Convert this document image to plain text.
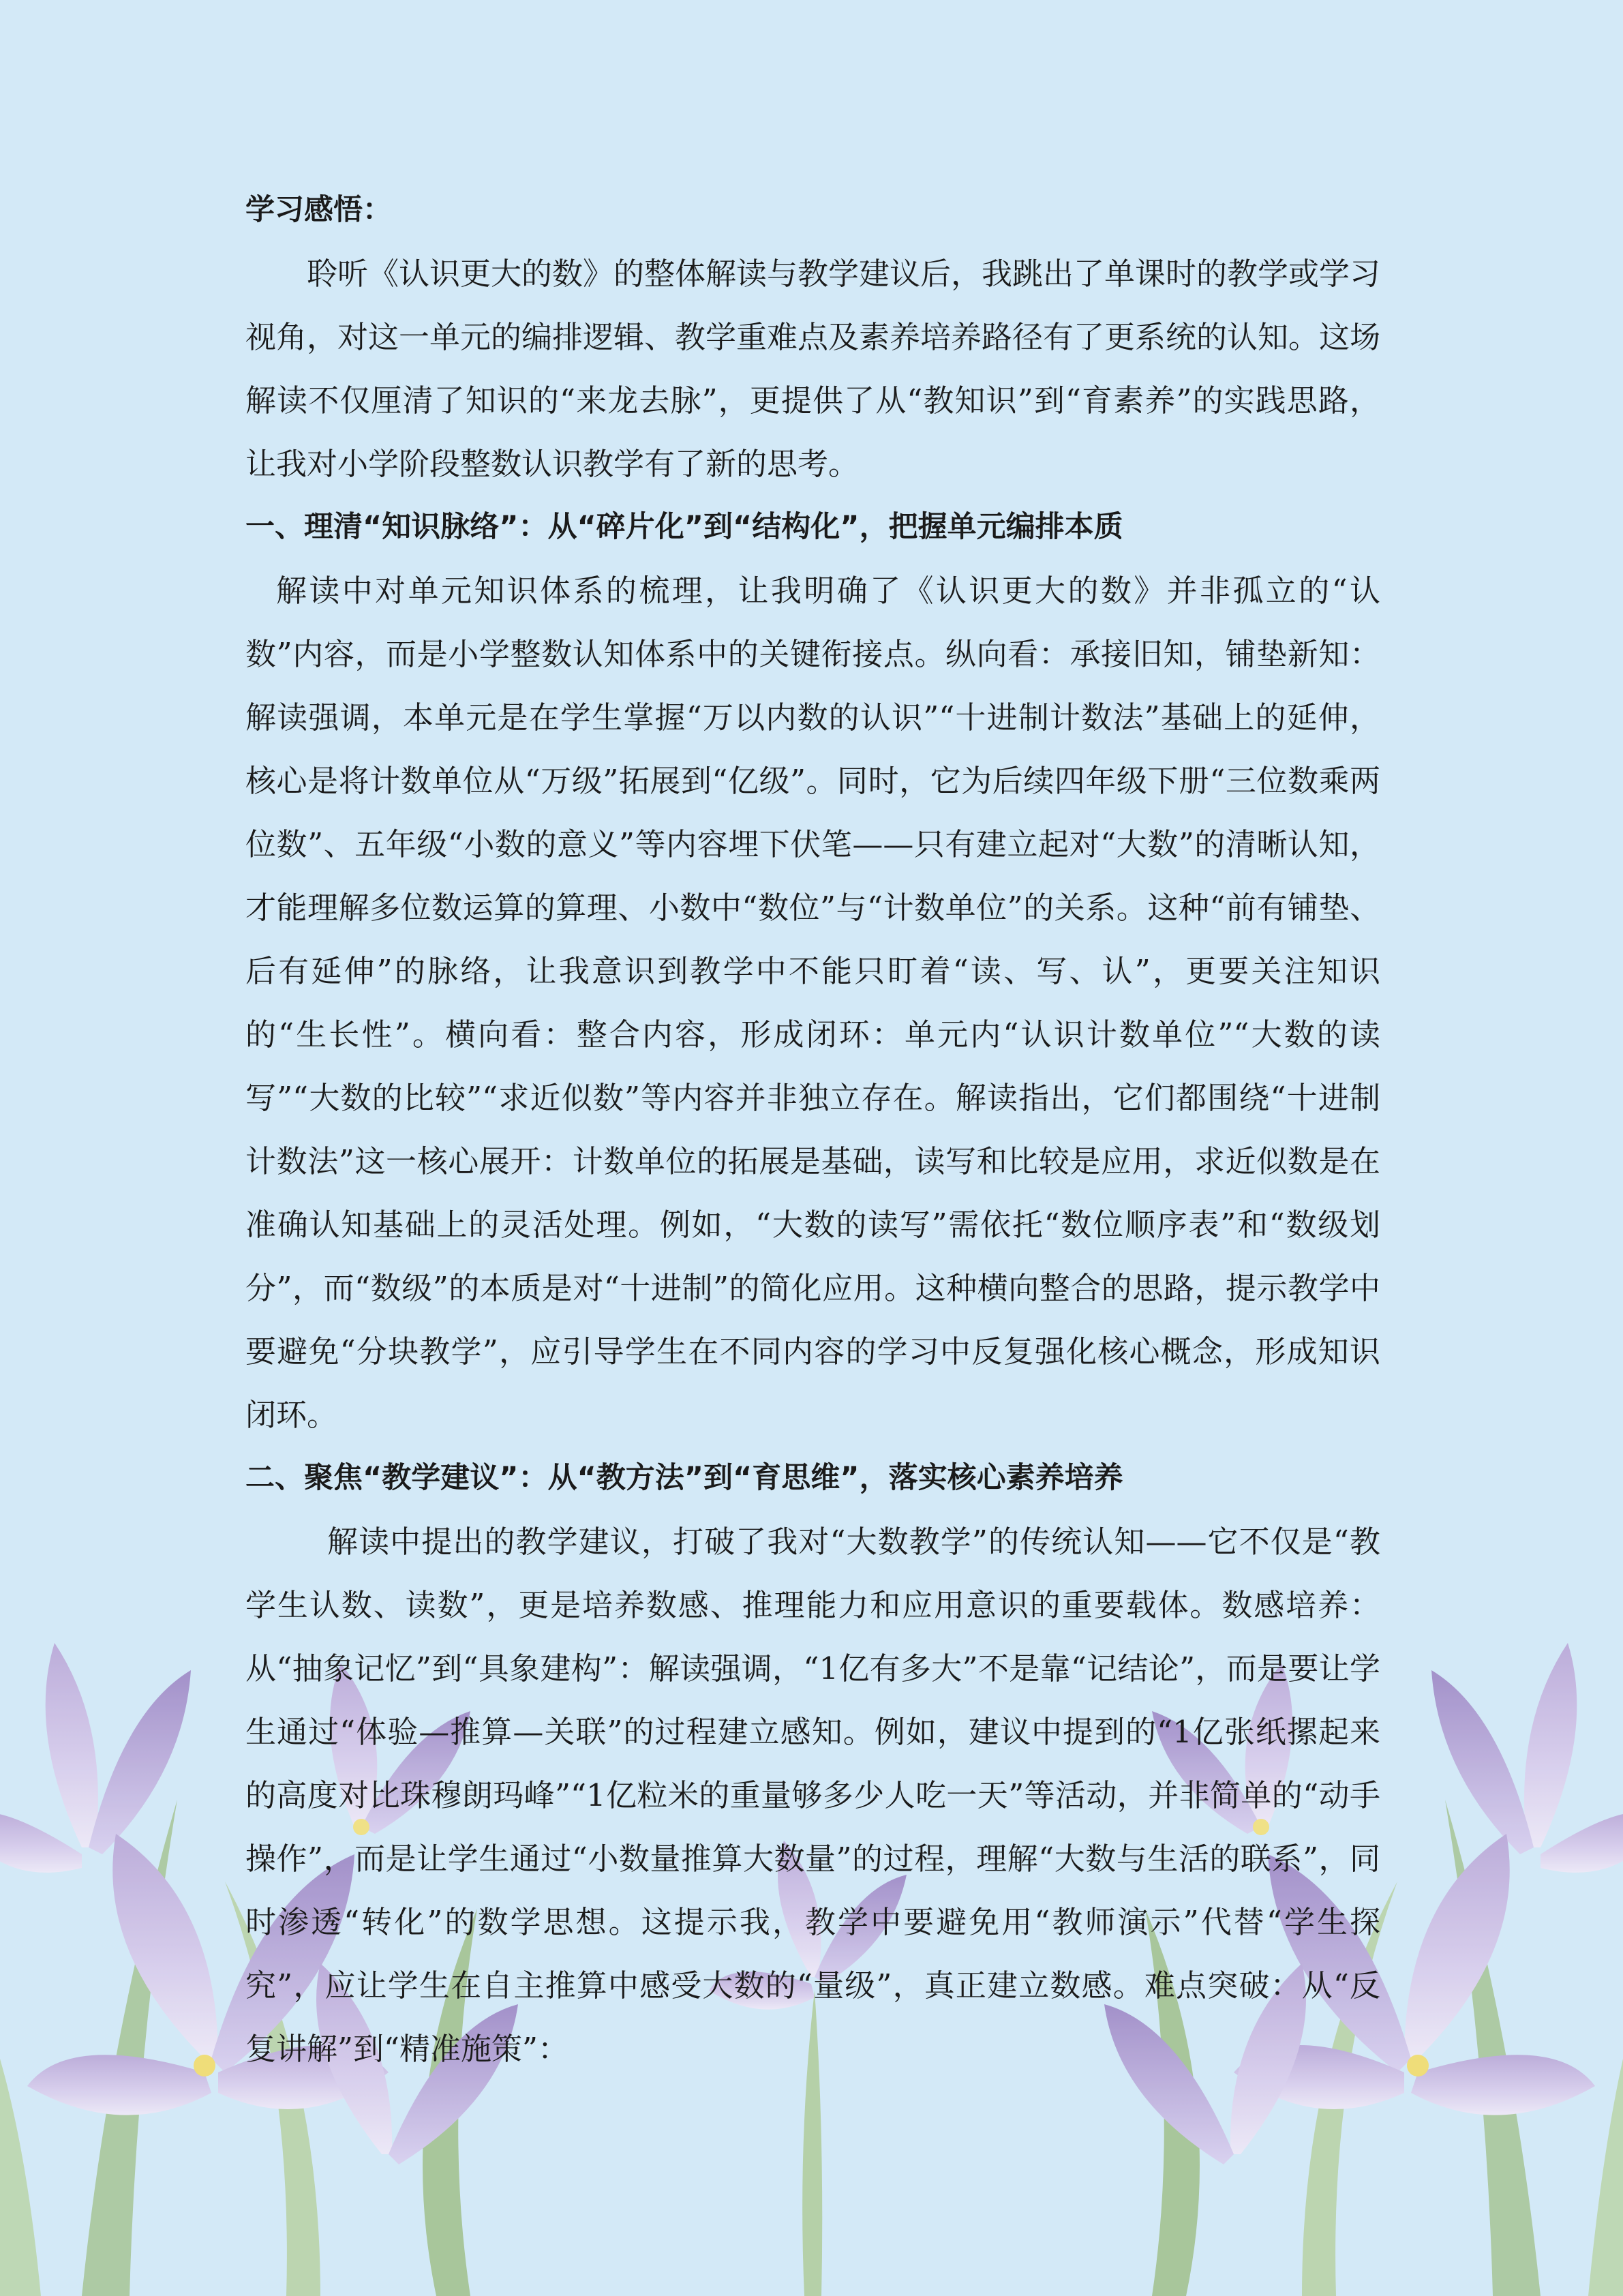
学习感悟：

聆听《认识更大的数》的整体解读与教学建议后，我跳出了单课时的教学或学习视角，对这一单元的编排逻辑、教学重难点及素养培养路径有了更系统的认知。这场解读不仅厘清了知识的“来龙去脉”，更提供了从“教知识”到“育素养”的实践思路，让我对小学阶段整数认识教学有了新的思考。

一、理清“知识脉络”：从“碎片化”到“结构化”，把握单元编排本质

解读中对单元知识体系的梳理，让我明确了《认识更大的数》并非孤立的“认数”内容，而是小学整数认知体系中的关键衔接点。纵向看：承接旧知，铺垫新知：解读强调，本单元是在学生掌握“万以内数的认识”“十进制计数法”基础上的延伸，核心是将计数单位从“万级”拓展到“亿级”。同时，它为后续四年级下册“三位数乘两位数”、五年级“小数的意义”等内容埋下伏笔——只有建立起对“大数”的清晰认知，才能理解多位数运算的算理、小数中“数位”与“计数单位”的关系。这种“前有铺垫、后有延伸”的脉络，让我意识到教学中不能只盯着“读、写、认”，更要关注知识的“生长性”。横向看：整合内容，形成闭环：单元内“认识计数单位”“大数的读写”“大数的比较”“求近似数”等内容并非独立存在。解读指出，它们都围绕“十进制计数法”这一核心展开：计数单位的拓展是基础，读写和比较是应用，求近似数是在准确认知基础上的灵活处理。例如，“大数的读写”需依托“数位顺序表”和“数级划分”，而“数级”的本质是对“十进制”的简化应用。这种横向整合的思路，提示教学中要避免“分块教学”，应引导学生在不同内容的学习中反复强化核心概念，形成知识闭环。

二、聚焦“教学建议”：从“教方法”到“育思维”，落实核心素养培养

解读中提出的教学建议，打破了我对“大数教学”的传统认知——它不仅是“教学生认数、读数”，更是培养数感、推理能力和应用意识的重要载体。数感培养：从“抽象记忆”到“具象建构”：解读强调，“1亿有多大”不是靠“记结论”，而是要让学生通过“体验—推算—关联”的过程建立感知。例如，建议中提到的“1亿张纸摞起来的高度对比珠穆朗玛峰”“1亿粒米的重量够多少人吃一天”等活动，并非简单的“动手操作”，而是让学生通过“小数量推算大数量”的过程，理解“大数与生活的联系”，同时渗透“转化”的数学思想。这提示我，教学中要避免用“教师演示”代替“学生探究”，应让学生在自主推算中感受大数的“量级”，真正建立数感。难点突破：从“反复讲解”到“精准施策”：
